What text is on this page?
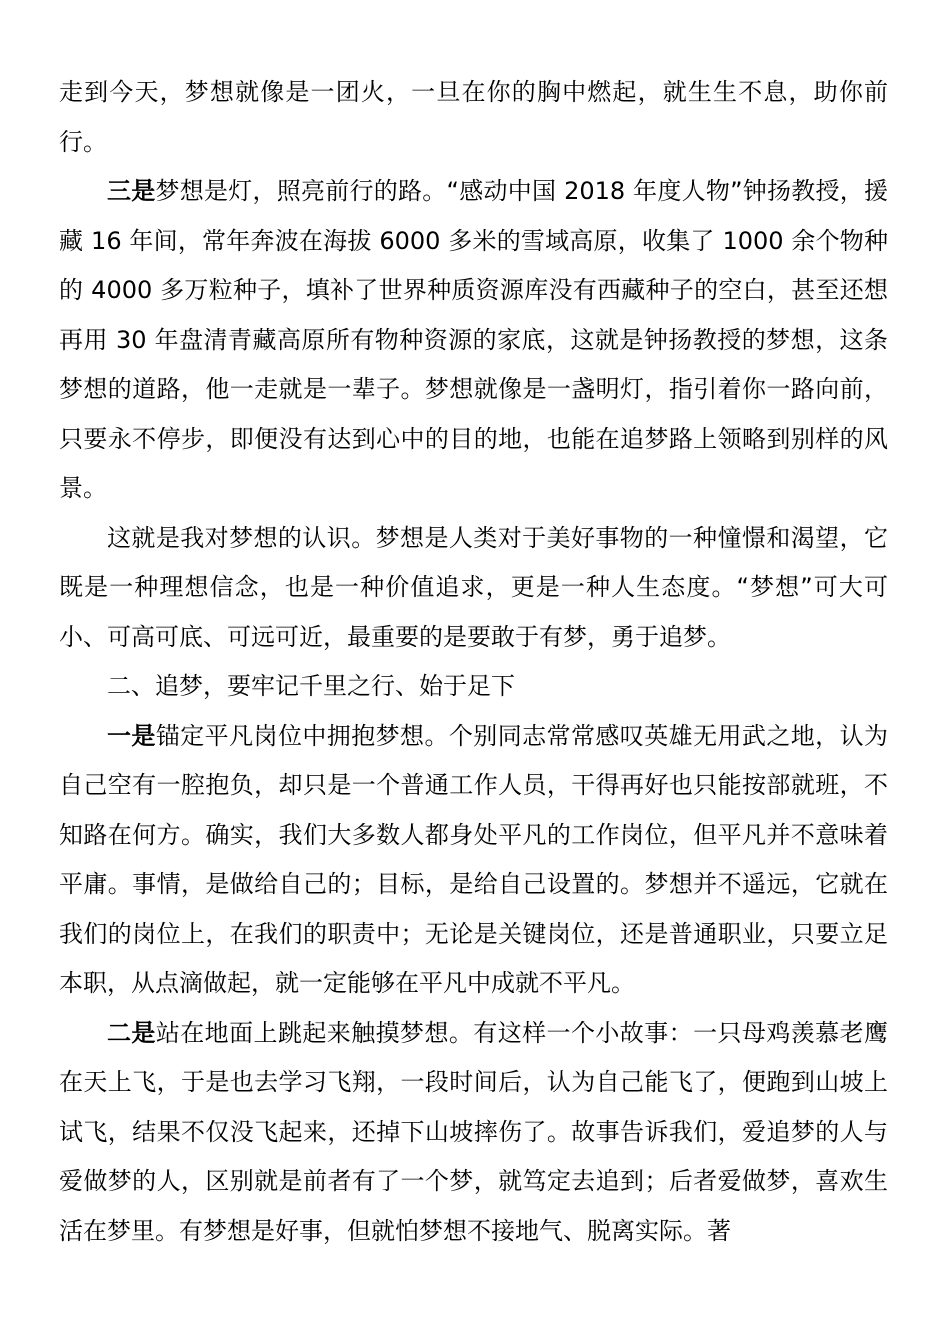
走到今天，梦想就像是一团火，一旦在你的胸中燃起，就生生不息，助你前行。

三是梦想是灯，照亮前行的路。“感动中国 2018 年度人物”钟扬教授，援藏 16 年间，常年奔波在海拔 6000 多米的雪域高原，收集了 1000 余个物种的 4000 多万粒种子，填补了世界种质资源库没有西藏种子的空白，甚至还想再用 30 年盘清青藏高原所有物种资源的家底，这就是钟扬教授的梦想，这条梦想的道路，他一走就是一辈子。梦想就像是一盏明灯，指引着你一路向前，只要永不停步，即便没有达到心中的目的地，也能在追梦路上领略到别样的风景。

这就是我对梦想的认识。梦想是人类对于美好事物的一种憧憬和渴望，它既是一种理想信念，也是一种价值追求，更是一种人生态度。“梦想”可大可小、可高可底、可远可近，最重要的是要敢于有梦，勇于追梦。

二、追梦，要牢记千里之行、始于足下

一是锚定平凡岗位中拥抱梦想。个别同志常常感叹英雄无用武之地，认为自己空有一腔抱负，却只是一个普通工作人员，干得再好也只能按部就班，不知路在何方。确实，我们大多数人都身处平凡的工作岗位，但平凡并不意味着平庸。事情，是做给自己的；目标，是给自己设置的。梦想并不遥远，它就在我们的岗位上，在我们的职责中；无论是关键岗位，还是普通职业，只要立足本职，从点滴做起，就一定能够在平凡中成就不平凡。

二是站在地面上跳起来触摸梦想。有这样一个小故事：一只母鸡羡慕老鹰在天上飞，于是也去学习飞翔，一段时间后，认为自己能飞了，便跑到山坡上试飞，结果不仅没飞起来，还掉下山坡摔伤了。故事告诉我们，爱追梦的人与爱做梦的人，区别就是前者有了一个梦，就笃定去追到；后者爱做梦，喜欢生活在梦里。有梦想是好事，但就怕梦想不接地气、脱离实际。著
